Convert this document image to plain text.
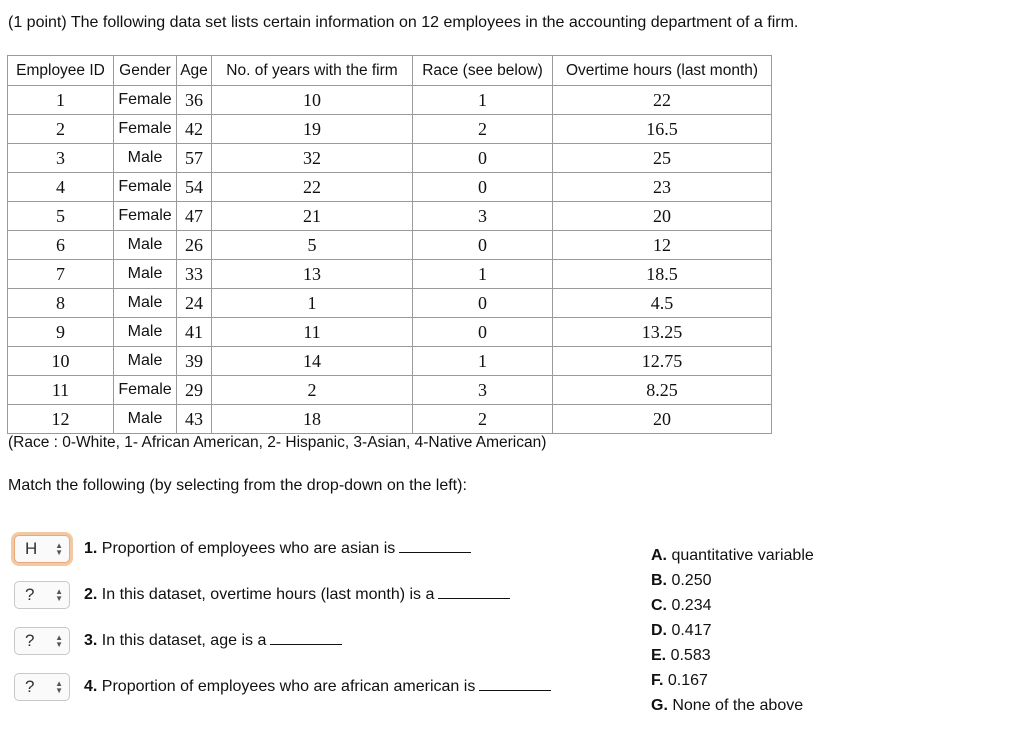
(1 point) The following data set lists certain information on 12 employees in the accounting department of a firm.
Employee ID	Gender	Age	No. of years with the firm	Race (see below)	Overtime hours (last month)
1	Female	36	10	1	22
2	Female	42	19	2	16.5
3	Male	57	32	0	25
4	Female	54	22	0	23
5	Female	47	21	3	20
6	Male	26	5	0	12
7	Male	33	13	1	18.5
8	Male	24	1	0	4.5
9	Male	41	11	0	13.25
10	Male	39	14	1	12.75
11	Female	29	2	3	8.25
12	Male	43	18	2	20
(Race : 0-White, 1- African American, 2- Hispanic, 3-Asian, 4-Native American)
Match the following (by selecting from the drop-down on the left):
H ▲
▼ 1. Proportion of employees who are asian is
?	▲
▼ 2. In this dataset, overtime hours (last month) is a
?	▲
▼ 3. In this dataset, age is a
?	▲
▼ 4. Proportion of employees who are african american is
A. quantitative variable
B. 0.250
C. 0.234
D. 0.417
E. 0.583
F. 0.167
G. None of the above
